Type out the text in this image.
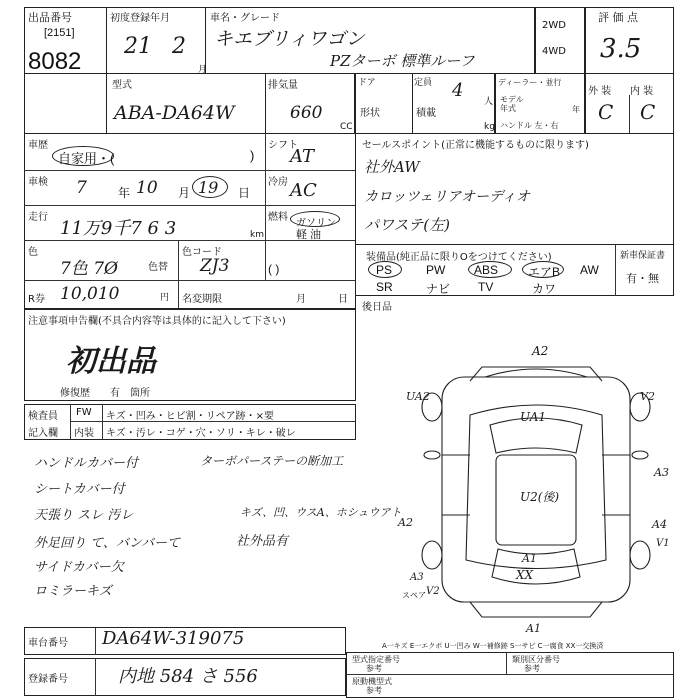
出品番号
[2151]
8082
初度登録年月
21 2
月
車名・グレード
キエブリィワゴン
PZターボ 標準ルーフ
2WD
4WD
評 価 点
3.5
型式
ABA-DA64W
排気量
660
CC
ドア
形状
定員 4
人
積載
kg
ディーラー・並行
モデル年式	年
ハンドル 左・右
外 装 内 装
C C
車歴
自家用・(	)
シフト
AT
車検 7	年 10 月 19 日
冷房 AC
走行
11万9千7 6 3	km
燃料
ガソリン
軽 油
色
7色 7Ø	色替
色コード
ZJ3	( )
R券 10,010	円 名変期限	月	日
セールスポイント(正常に機能するものに限ります)
社外AW
カロッツェリアオーディオ
パワステ(左)
装備品(純正品に限りOをつけてください)	新車保証書
有・無
PS	PW ABS エアB AW
SR	ナビ TV	カワ
後日品
注意事項申告欄(不具合内容等は具体的に記入して下さい)
初出品
修復歴 有 箇所
検査員
記入欄
FW キズ・凹み・ヒビ割・リペア跡・×要
内装 キズ・汚レ・コゲ・穴・ソリ・キレ・破レ
ハンドルカバー付
シートカバー付
天張り スレ 汚レ
外足回り て、バンバーて
サイドカバー欠
ロミラーキズ
ターボパーステーの断加工
キズ、凹、ウスA、ホシュウアト
社外品有
A2
UA2	V2
UA1
A3
U2(後)
A2	A4
V1
A1
XX
A3
スペア V2
A1
A一キズ E一エクボ U一凹み W一補修跡 S一サビ C一腐食 XX一交換済
車台番号 DA64W-319075
登録番号	内地 584 さ 556
型式指定番号
参考
類別区分番号
参考
原動機型式
参考
